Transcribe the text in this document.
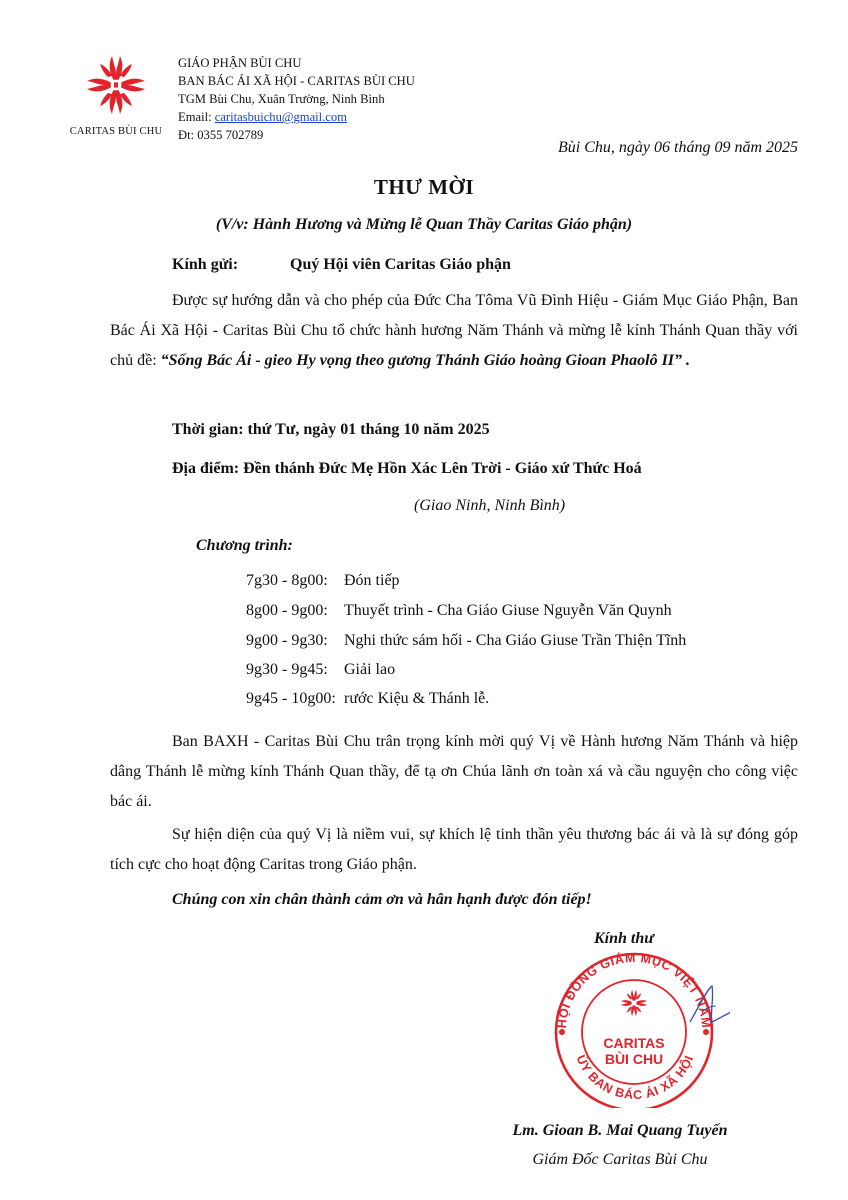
CARITAS BÙI CHU
GIÁO PHẬN BÙI CHU
BAN BÁC ÁI XÃ HỘI - CARITAS BÙI CHU
TGM Bùi Chu, Xuân Trường, Ninh Bình
Email: caritasbuichu@gmail.com
Đt: 0355 702789
Bùi Chu, ngày 06 tháng 09 năm 2025
THƯ MỜI
(V/v: Hành Hương và Mừng lễ Quan Thầy Caritas Giáo phận)
Kính gửi:	Quý Hội viên Caritas Giáo phận
Được sự hướng dẫn và cho phép của Đức Cha Tôma Vũ Đình Hiệu - Giám Mục Giáo Phận, Ban Bác Ái Xã Hội - Caritas Bùi Chu tổ chức hành hương Năm Thánh và mừng lễ kính Thánh Quan thầy với chủ đề: “Sống Bác Ái - gieo Hy vọng theo gương Thánh Giáo hoàng Gioan Phaolô II” .
Thời gian: thứ Tư, ngày 01 tháng 10 năm 2025
Địa điểm: Đền thánh Đức Mẹ Hồn Xác Lên Trời - Giáo xứ Thức Hoá
(Giao Ninh, Ninh Bình)
Chương trình:
7g30 - 8g00: Đón tiếp
8g00 - 9g00: Thuyết trình - Cha Giáo Giuse Nguyễn Văn Quynh
9g00 - 9g30: Nghi thức sám hối - Cha Giáo Giuse Trần Thiện Tĩnh
9g30 - 9g45: Giải lao
9g45 - 10g00: rước Kiệu & Thánh lễ.
Ban BAXH - Caritas Bùi Chu trân trọng kính mời quý Vị về Hành hương Năm Thánh và hiệp dâng Thánh lễ mừng kính Thánh Quan thầy, để tạ ơn Chúa lãnh ơn toàn xá và cầu nguyện cho công việc bác ái.
Sự hiện diện của quý Vị là niềm vui, sự khích lệ tinh thần yêu thương bác ái và là sự đóng góp tích cực cho hoạt động Caritas trong Giáo phận.
Chúng con xin chân thành cảm ơn và hân hạnh được đón tiếp!
Kính thư
HỘI ĐỒNG GIÁM MỤC VIỆT NAM
ỦY BAN BÁC ÁI XÃ HỘI
CARITAS
BÙI CHU
Lm. Gioan B. Mai Quang Tuyến
Giám Đốc Caritas Bùi Chu
